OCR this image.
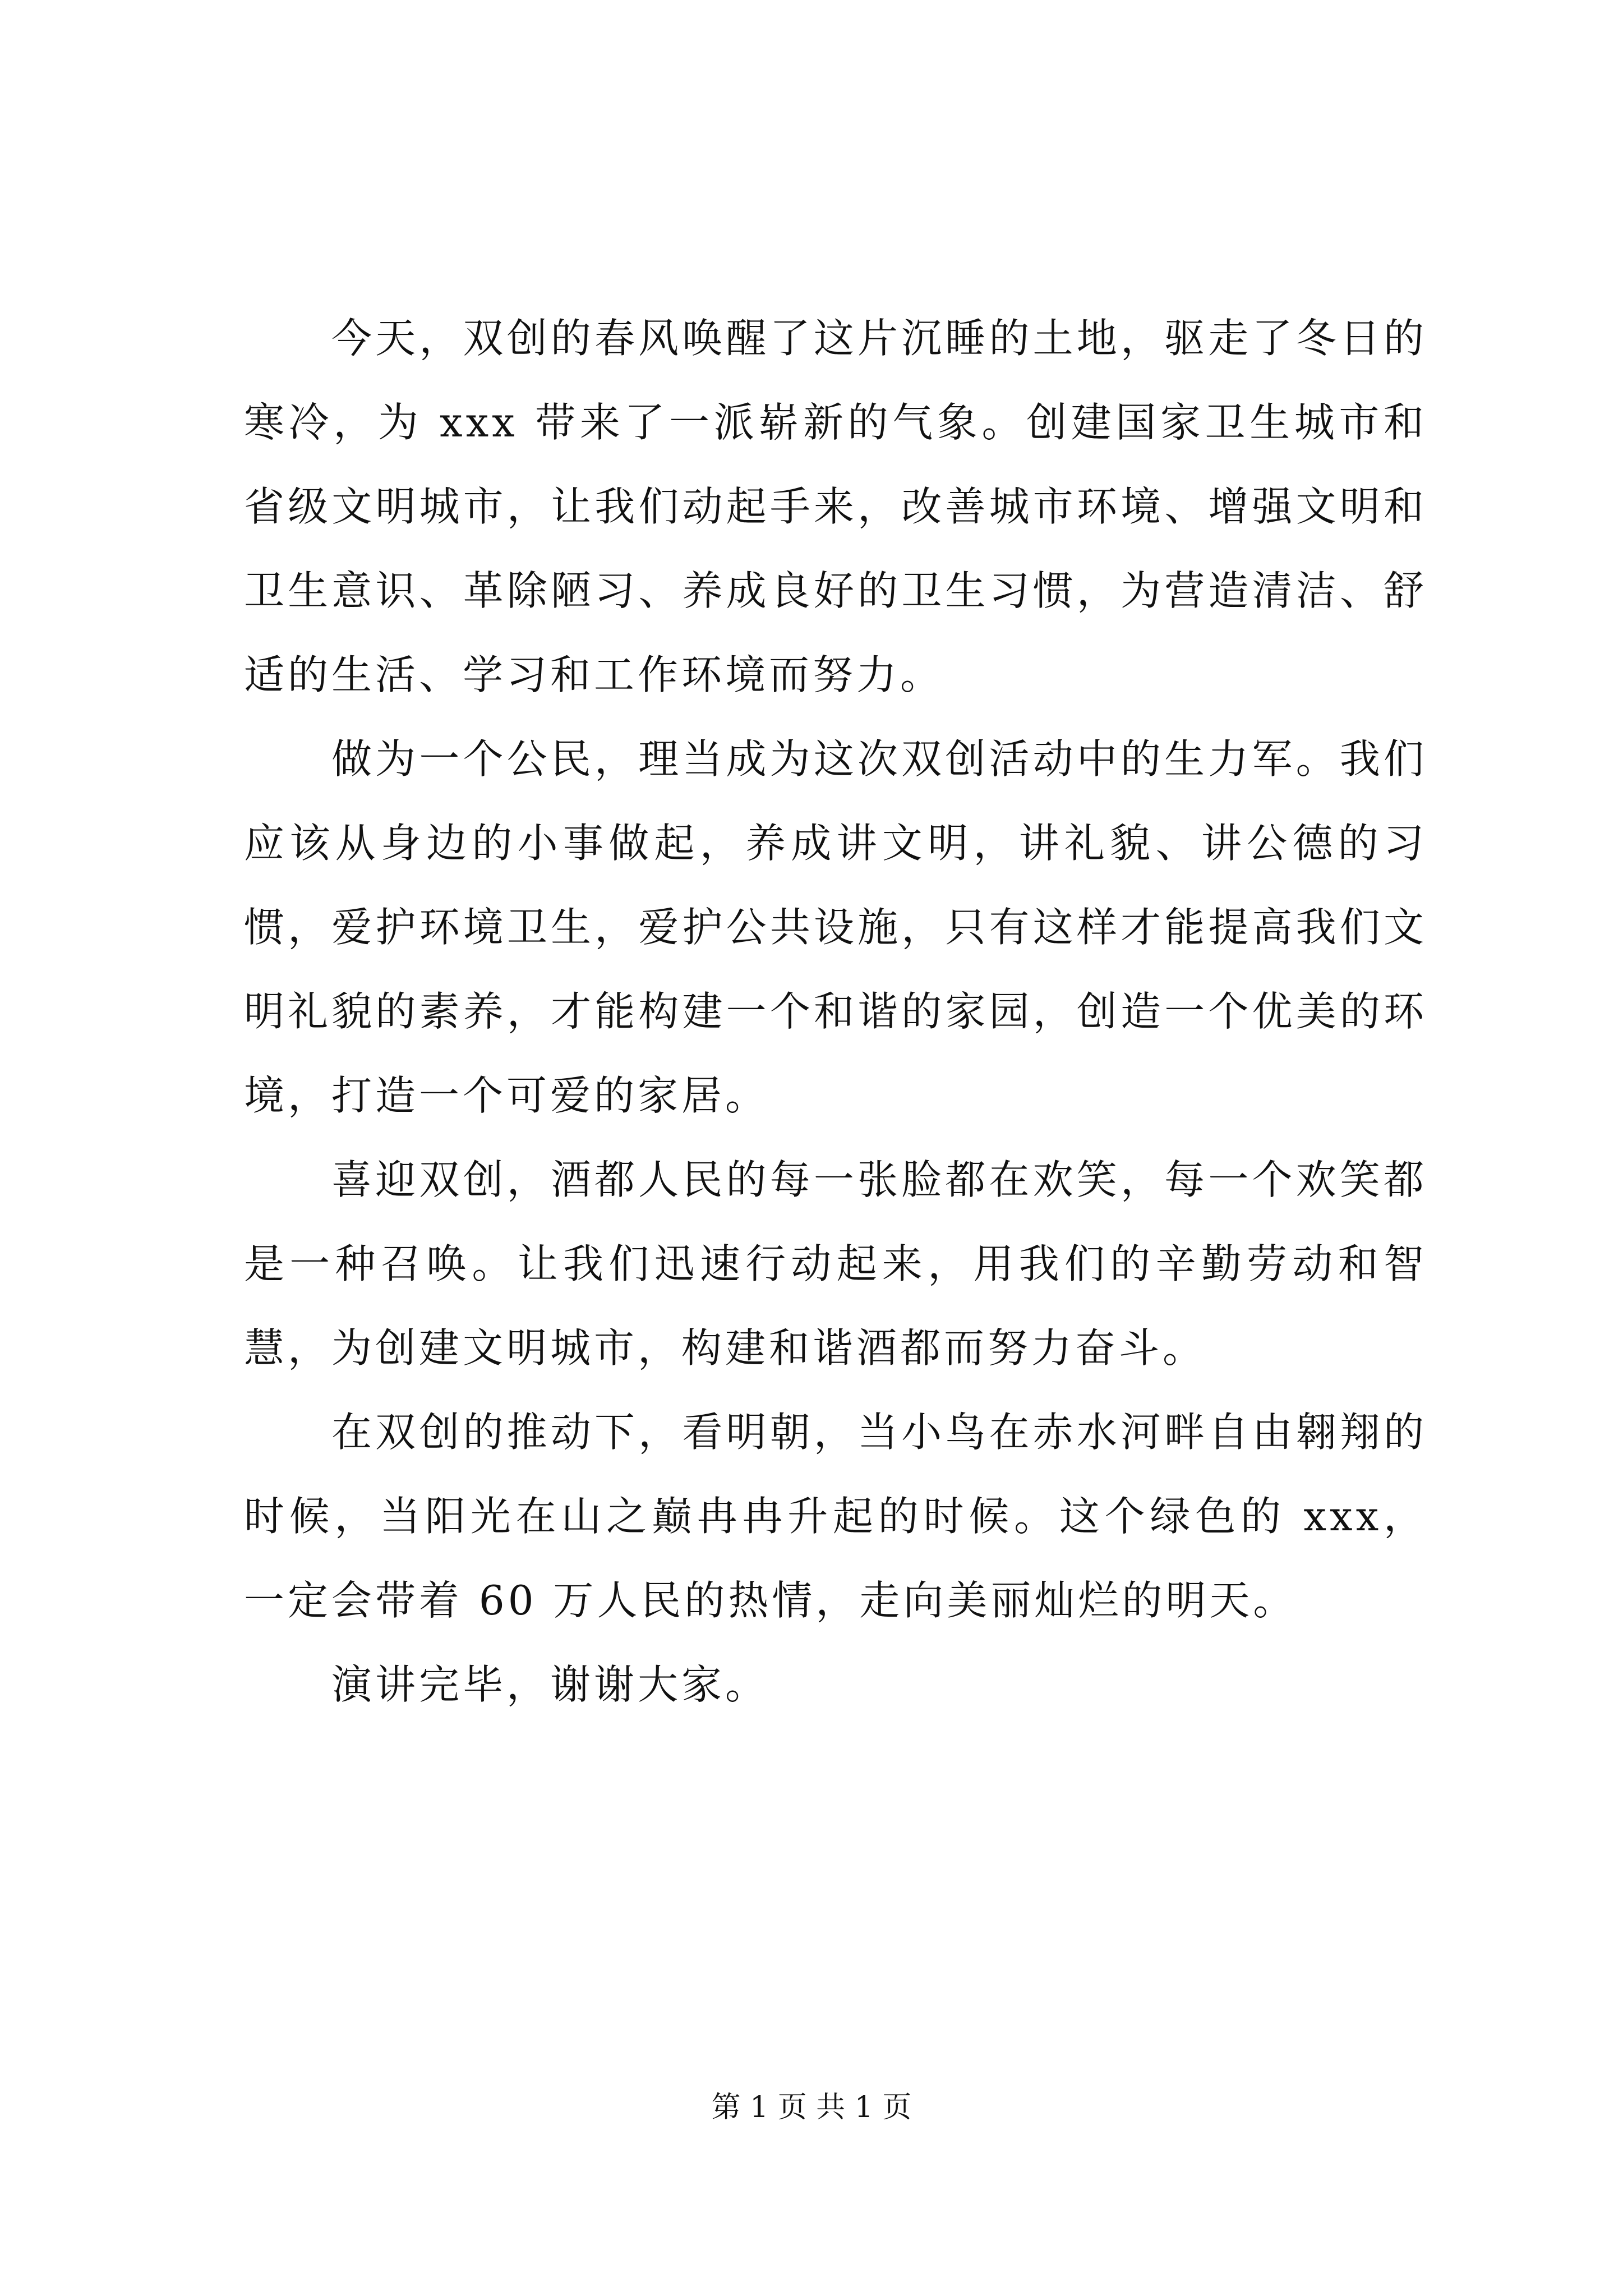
今天，双创的春风唤醒了这片沉睡的土地，驱走了冬日的寒冷，为 xxx 带来了一派崭新的气象。创建国家卫生城市和省级文明城市，让我们动起手来，改善城市环境、增强文明和卫生意识、革除陋习、养成良好的卫生习惯，为营造清洁、舒适的生活、学习和工作环境而努力。

做为一个公民，理当成为这次双创活动中的生力军。我们应该从身边的小事做起，养成讲文明，讲礼貌、讲公德的习惯，爱护环境卫生，爱护公共设施，只有这样才能提高我们文明礼貌的素养，才能构建一个和谐的家园，创造一个优美的环境，打造一个可爱的家居。

喜迎双创，酒都人民的每一张脸都在欢笑，每一个欢笑都是一种召唤。让我们迅速行动起来，用我们的辛勤劳动和智慧，为创建文明城市，构建和谐酒都而努力奋斗。

在双创的推动下，看明朝，当小鸟在赤水河畔自由翱翔的时候，当阳光在山之巅冉冉升起的时候。这个绿色的 xxx，一定会带着 60 万人民的热情，走向美丽灿烂的明天。

演讲完毕，谢谢大家。

第 1 页 共 1 页
